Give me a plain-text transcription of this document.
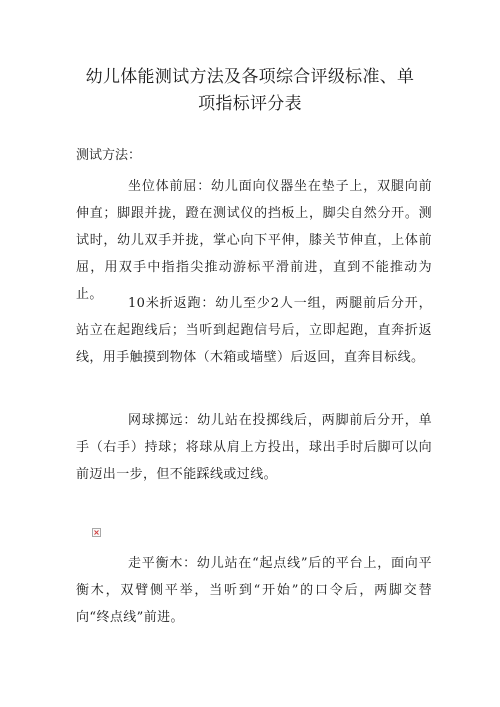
幼儿体能测试方法及各项综合评级标准、单
项指标评分表
测试方法：

坐位体前屈：幼儿面向仪器坐在垫子上，双腿向前伸直；脚跟并拢，蹬在测试仪的挡板上，脚尖自然分开。测试时，幼儿双手并拢，掌心向下平伸，膝关节伸直，上体前屈，用双手中指指尖推动游标平滑前进，直到不能推动为止。

10米折返跑：幼儿至少2人一组，两腿前后分开，站立在起跑线后；当听到起跑信号后，立即起跑，直奔折返线，用手触摸到物体（木箱或墙壁）后返回，直奔目标线。

网球掷远：幼儿站在投掷线后，两脚前后分开，单手（右手）持球；将球从肩上方投出，球出手时后脚可以向前迈出一步，但不能踩线或过线。

走平衡木：幼儿站在“起点线”后的平台上，面向平衡木，双臂侧平举，当听到“开始”的口令后，两脚交替向“终点线”前进。
